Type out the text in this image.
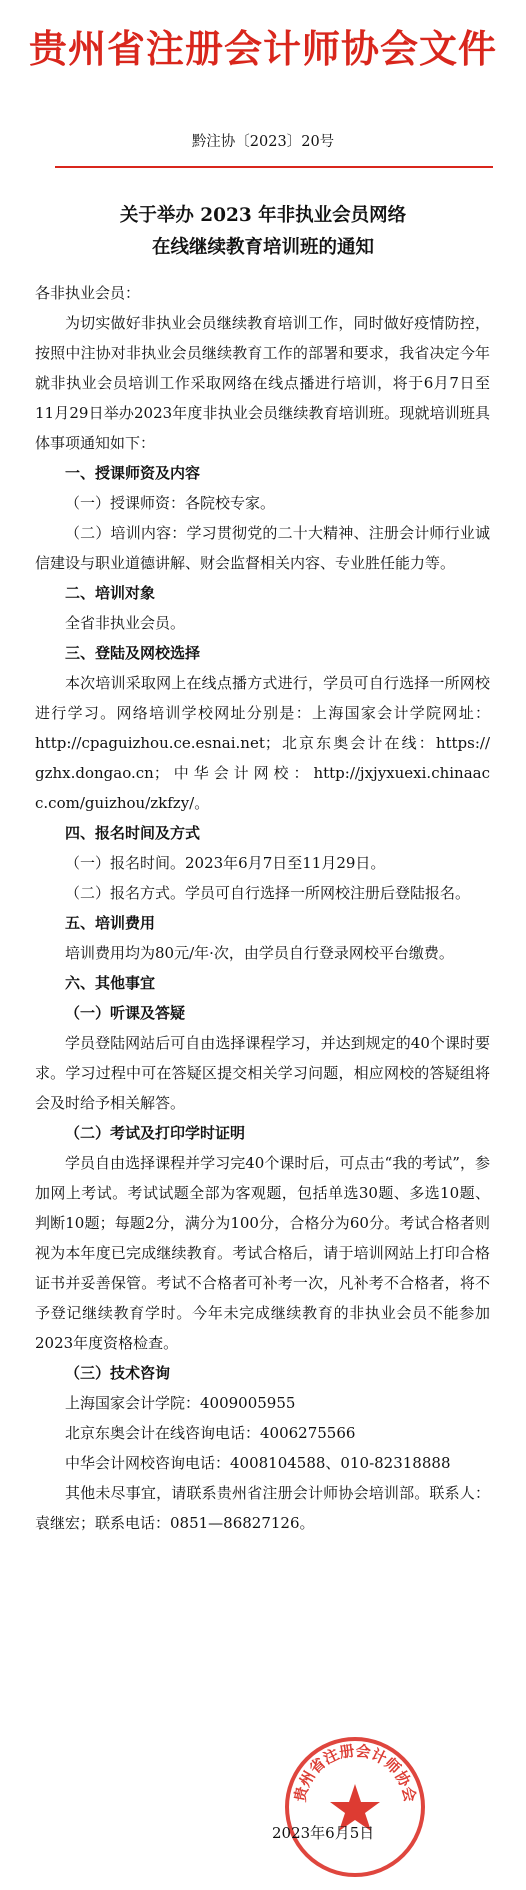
贵州省注册会计师协会文件
黔注协〔2023〕20号
关于举办 2023 年非执业会员网络
在线继续教育培训班的通知

各非执业会员：

为切实做好非执业会员继续教育培训工作，同时做好疫情防控，按照中注协对非执业会员继续教育工作的部署和要求，我省决定今年就非执业会员培训工作采取网络在线点播进行培训，将于6月7日至11月29日举办2023年度非执业会员继续教育培训班。现就培训班具体事项通知如下：

一、授课师资及内容

（一）授课师资：各院校专家。

（二）培训内容：学习贯彻党的二十大精神、注册会计师行业诚信建设与职业道德讲解、财会监督相关内容、专业胜任能力等。

二、培训对象

全省非执业会员。

三、登陆及网校选择

本次培训采取网上在线点播方式进行，学员可自行选择一所网校进行学习。网络培训学校网址分别是：上海国家会计学院网址：http://cpaguizhou.ce.esnai.net；北京东奥会计在线：https:// gzhx.dongao.cn；中华会计网校：http://jxjyxuexi.chinaac c.com/guizhou/zkfzy/。

四、报名时间及方式

（一）报名时间。2023年6月7日至11月29日。

（二）报名方式。学员可自行选择一所网校注册后登陆报名。

五、培训费用

培训费用均为80元/年·次，由学员自行登录网校平台缴费。

六、其他事宜

（一）听课及答疑

学员登陆网站后可自由选择课程学习，并达到规定的40个课时要求。学习过程中可在答疑区提交相关学习问题，相应网校的答疑组将会及时给予相关解答。

（二）考试及打印学时证明

学员自由选择课程并学习完40个课时后，可点击“我的考试”，参加网上考试。考试试题全部为客观题，包括单选30题、多选10题、判断10题；每题2分，满分为100分，合格分为60分。考试合格者则视为本年度已完成继续教育。考试合格后，请于培训网站上打印合格证书并妥善保管。考试不合格者可补考一次，凡补考不合格者，将不予登记继续教育学时。今年未完成继续教育的非执业会员不能参加2023年度资格检查。

（三）技术咨询

上海国家会计学院：4009005955

北京东奥会计在线咨询电话：4006275566

中华会计网校咨询电话：4008104588、010-82318888

其他未尽事宜，请联系贵州省注册会计师协会培训部。联系人：袁继宏；联系电话：0851—86827126。

贵州省注册会计师协会
2023年6月5日
